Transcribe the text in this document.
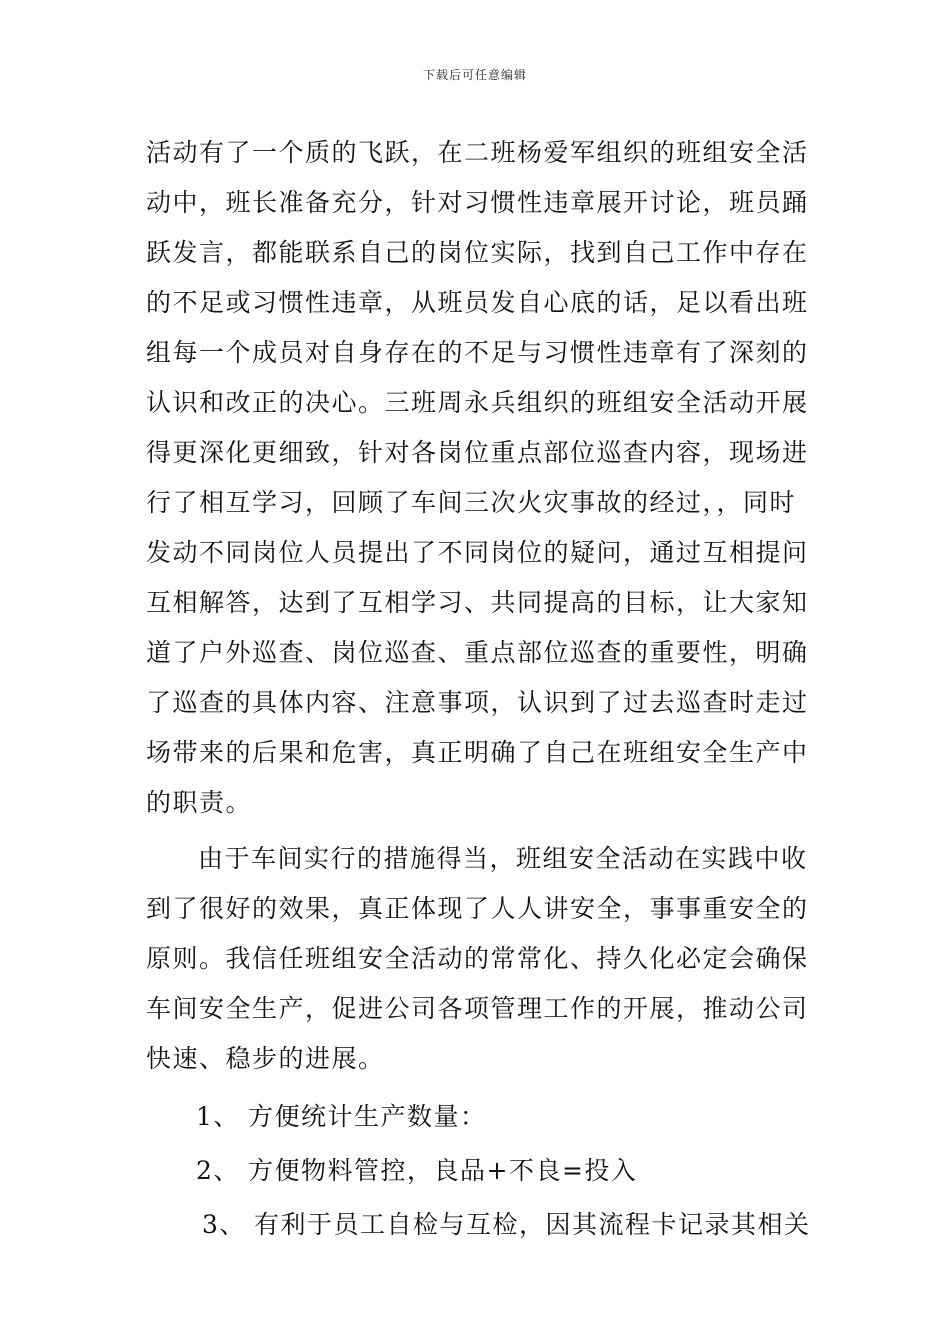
下载后可任意编辑
活动有了一个质的飞跃，在二班杨爱军组织的班组安全活
动中，班长准备充分，针对习惯性违章展开讨论，班员踊
跃发言，都能联系自己的岗位实际，找到自己工作中存在
的不足或习惯性违章，从班员发自心底的话，足以看出班
组每一个成员对自身存在的不足与习惯性违章有了深刻的
认识和改正的决心。三班周永兵组织的班组安全活动开展
得更深化更细致，针对各岗位重点部位巡查内容，现场进
行了相互学习，回顾了车间三次火灾事故的经过，，同时
发动不同岗位人员提出了不同岗位的疑问，通过互相提问
互相解答，达到了互相学习、共同提高的目标，让大家知
道了户外巡查、岗位巡查、重点部位巡查的重要性，明确
了巡查的具体内容、注意事项，认识到了过去巡查时走过
场带来的后果和危害，真正明确了自己在班组安全生产中
的职责。
由于车间实行的措施得当，班组安全活动在实践中收
到了很好的效果，真正体现了人人讲安全，事事重安全的
原则。我信任班组安全活动的常常化、持久化必定会确保
车间安全生产，促进公司各项管理工作的开展，推动公司
快速、稳步的进展。
1、 方便统计生产数量：
2、 方便物料管控，良品+不良=投入
3、 有利于员工自检与互检，因其流程卡记录其相关
